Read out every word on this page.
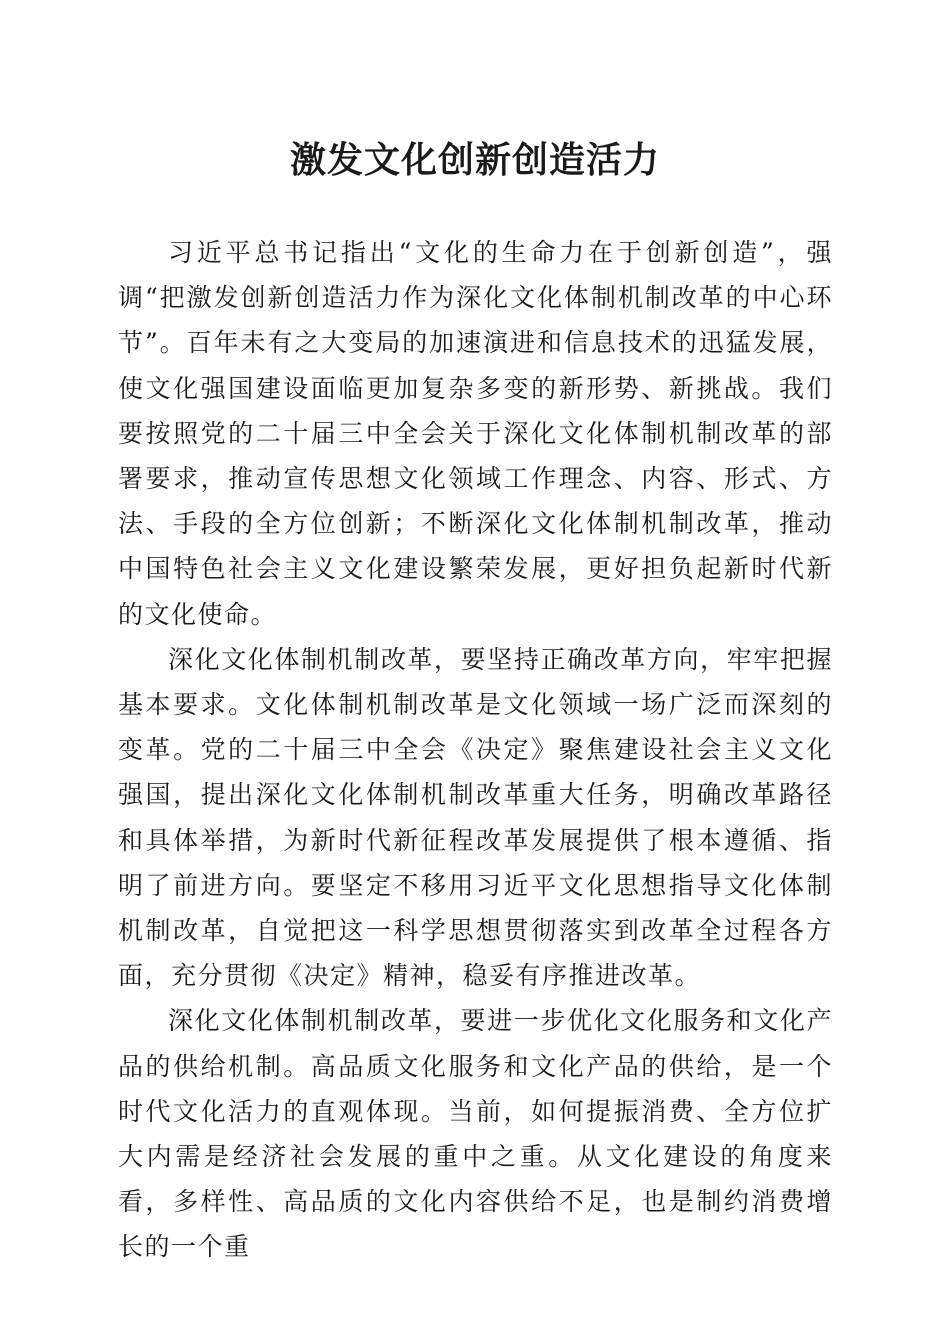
激发文化创新创造活力

习近平总书记指出“文化的生命力在于创新创造”，强调“把激发创新创造活力作为深化文化体制机制改革的中心环节”。百年未有之大变局的加速演进和信息技术的迅猛发展，使文化强国建设面临更加复杂多变的新形势、新挑战。我们要按照党的二十届三中全会关于深化文化体制机制改革的部署要求，推动宣传思想文化领域工作理念、内容、形式、方法、手段的全方位创新；不断深化文化体制机制改革，推动中国特色社会主义文化建设繁荣发展，更好担负起新时代新的文化使命。

深化文化体制机制改革，要坚持正确改革方向，牢牢把握基本要求。文化体制机制改革是文化领域一场广泛而深刻的变革。党的二十届三中全会《决定》聚焦建设社会主义文化强国，提出深化文化体制机制改革重大任务，明确改革路径和具体举措，为新时代新征程改革发展提供了根本遵循、指明了前进方向。要坚定不移用习近平文化思想指导文化体制机制改革，自觉把这一科学思想贯彻落实到改革全过程各方面，充分贯彻《决定》精神，稳妥有序推进改革。

深化文化体制机制改革，要进一步优化文化服务和文化产品的供给机制。高品质文化服务和文化产品的供给，是一个时代文化活力的直观体现。当前，如何提振消费、全方位扩大内需是经济社会发展的重中之重。从文化建设的角度来看，多样性、高品质的文化内容供给不足，也是制约消费增长的一个重
